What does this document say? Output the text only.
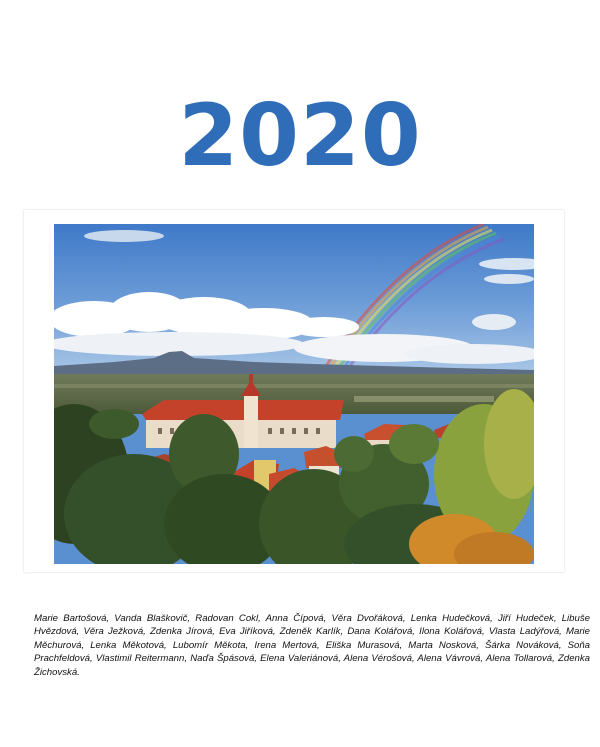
2020
Marie Bartošová, Vanda Blaškovič, Radovan Cokl, Anna Čípová, Věra Dvořáková, Lenka Hudečková, Jiří Hudeček, Libuše Hvězdová, Věra Ježková, Zdenka Jírová, Eva Jiříková, Zdeněk Karlík, Dana Kolářová, Ilona Kolářová, Vlasta Ladýřová, Marie Měchurová, Lenka Měkotová, Lubomír Měkota, Irena Mertová, Eliška Murasová, Marta Nosková, Šárka Nováková, Soňa Prachfeldová, Vlastimil Reitermann, Naďa Špásová, Elena Valeriánová, Alena Vérošová, Alena Vávrová, Alena Tollarová, Zdenka Žichovská.
